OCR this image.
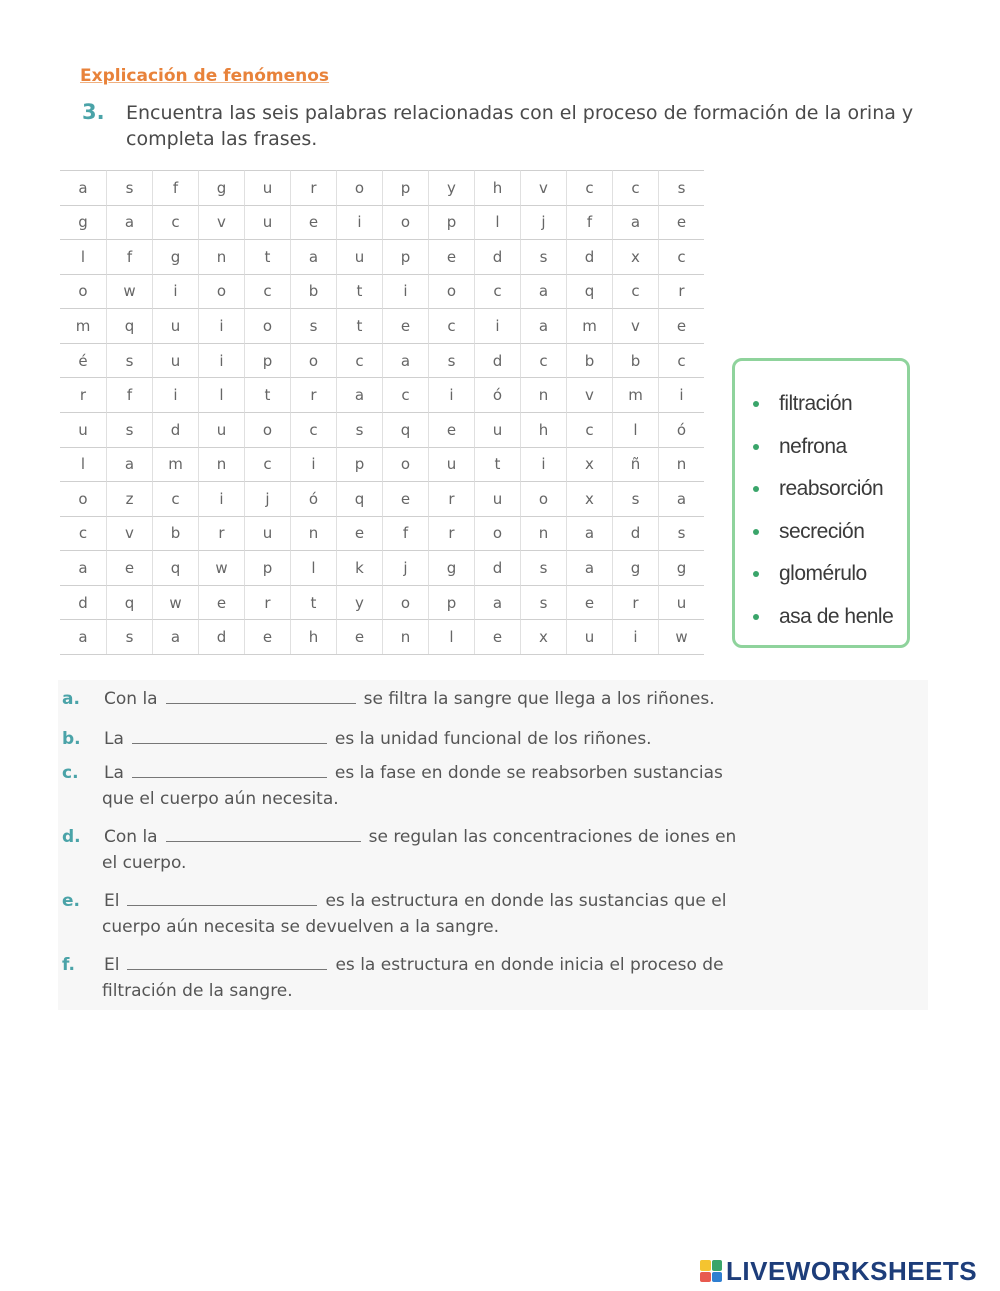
Explicación de fenómenos
3. Encuentra las seis palabras relacionadas con el proceso de formación de la orina y completa las frases.
a	s	f	g	u	r	o	p	y	h	v	c	c	s
g	a	c	v	u	e	i	o	p	l	j	f	a	e
l	f	g	n	t	a	u	p	e	d	s	d	x	c
o	w	i	o	c	b	t	i	o	c	a	q	c	r
m	q	u	i	o	s	t	e	c	i	a	m	v	e
é	s	u	i	p	o	c	a	s	d	c	b	b	c
r	f	i	l	t	r	a	c	i	ó	n	v	m	i
u	s	d	u	o	c	s	q	e	u	h	c	l	ó
l	a	m	n	c	i	p	o	u	t	i	x	ñ	n
o	z	c	i	j	ó	q	e	r	u	o	x	s	a
c	v	b	r	u	n	e	f	r	o	n	a	d	s
a	e	q	w	p	l	k	j	g	d	s	a	g	g
d	q	w	e	r	t	y	o	p	a	s	e	r	u
a	s	a	d	e	h	e	n	l	e	x	u	i	w
filtración
nefrona
reabsorción
secreción
glomérulo
asa de henle
a. Con la	se filtra la sangre que llega a los riñones.
b. La	es la unidad funcional de los riñones.
c. La	es la fase en donde se reabsorben sustancias
que el cuerpo aún necesita.
d. Con la	se regulan las concentraciones de iones en
el cuerpo.
e. El	es la estructura en donde las sustancias que el
cuerpo aún necesita se devuelven a la sangre.
f. El	es la estructura en donde inicia el proceso de
filtración de la sangre.
LIVEWORKSHEETS
